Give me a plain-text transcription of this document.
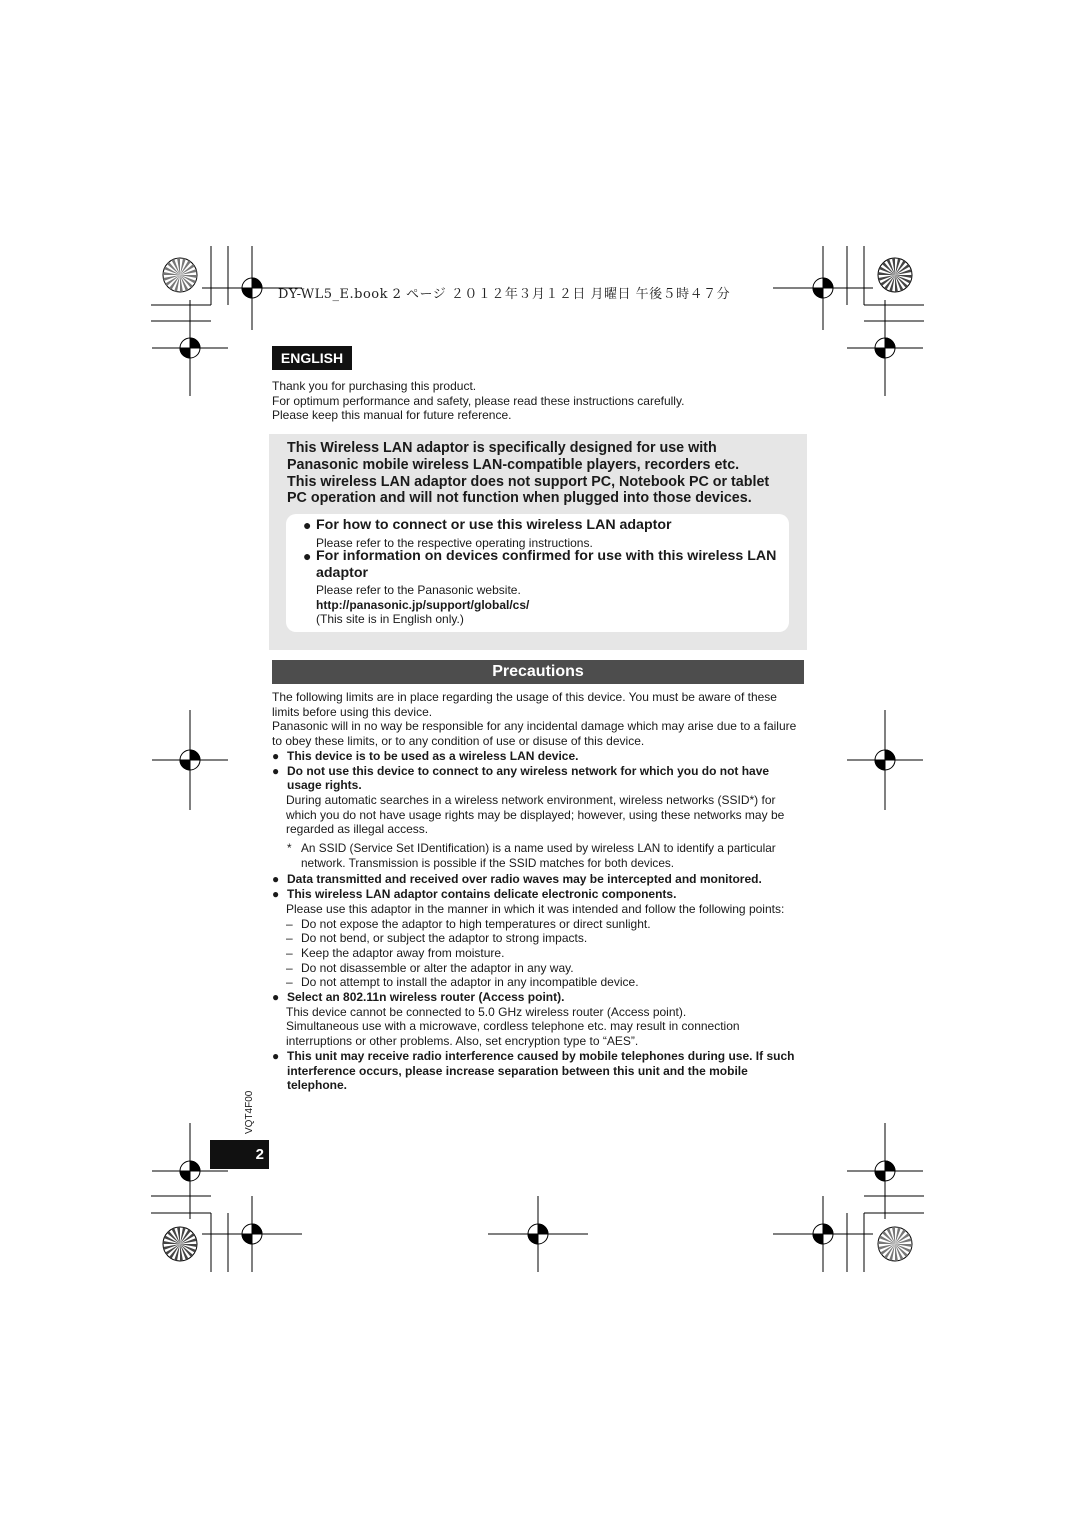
DY-WL5_E.book 2 ページ ２０１２年３月１２日 月曜日 午後５時４７分
ENGLISH

Thank you for purchasing this product.

For optimum performance and safety, please read these instructions carefully.

Please keep this manual for future reference.

This Wireless LAN adaptor is specifically designed for use with

Panasonic mobile wireless LAN-compatible players, recorders etc.

This wireless LAN adaptor does not support PC, Notebook PC or tablet

PC operation and will not function when plugged into those devices.

● For how to connect or use this wireless LAN adaptor
Please refer to the respective operating instructions.
● For information on devices confirmed for use with this wireless LAN adaptor
Please refer to the Panasonic website.
http://panasonic.jp/support/global/cs/
(This site is in English only.)
Precautions

The following limits are in place regarding the usage of this device. You must be aware of these limits before using this device.

Panasonic will in no way be responsible for any incidental damage which may arise due to a failure to obey these limits, or to any condition of use or disuse of this device.

● This device is to be used as a wireless LAN device.

● Do not use this device to connect to any wireless network for which you do not have usage rights.

During automatic searches in a wireless network environment, wireless networks (SSID*) for which you do not have usage rights may be displayed; however, using these networks may be regarded as illegal access.

* An SSID (Service Set IDentification) is a name used by wireless LAN to identify a particular network. Transmission is possible if the SSID matches for both devices.

● Data transmitted and received over radio waves may be intercepted and monitored.

● This wireless LAN adaptor contains delicate electronic components.

Please use this adaptor in the manner in which it was intended and follow the following points:

– Do not expose the adaptor to high temperatures or direct sunlight.

– Do not bend, or subject the adaptor to strong impacts.

– Keep the adaptor away from moisture.

– Do not disassemble or alter the adaptor in any way.

– Do not attempt to install the adaptor in any incompatible device.

● Select an 802.11n wireless router (Access point).

This device cannot be connected to 5.0 GHz wireless router (Access point).

Simultaneous use with a microwave, cordless telephone etc. may result in connection interruptions or other problems. Also, set encryption type to “AES”.

● This unit may receive radio interference caused by mobile telephones during use. If such interference occurs, please increase separation between this unit and the mobile telephone.

VQT4F00
2
